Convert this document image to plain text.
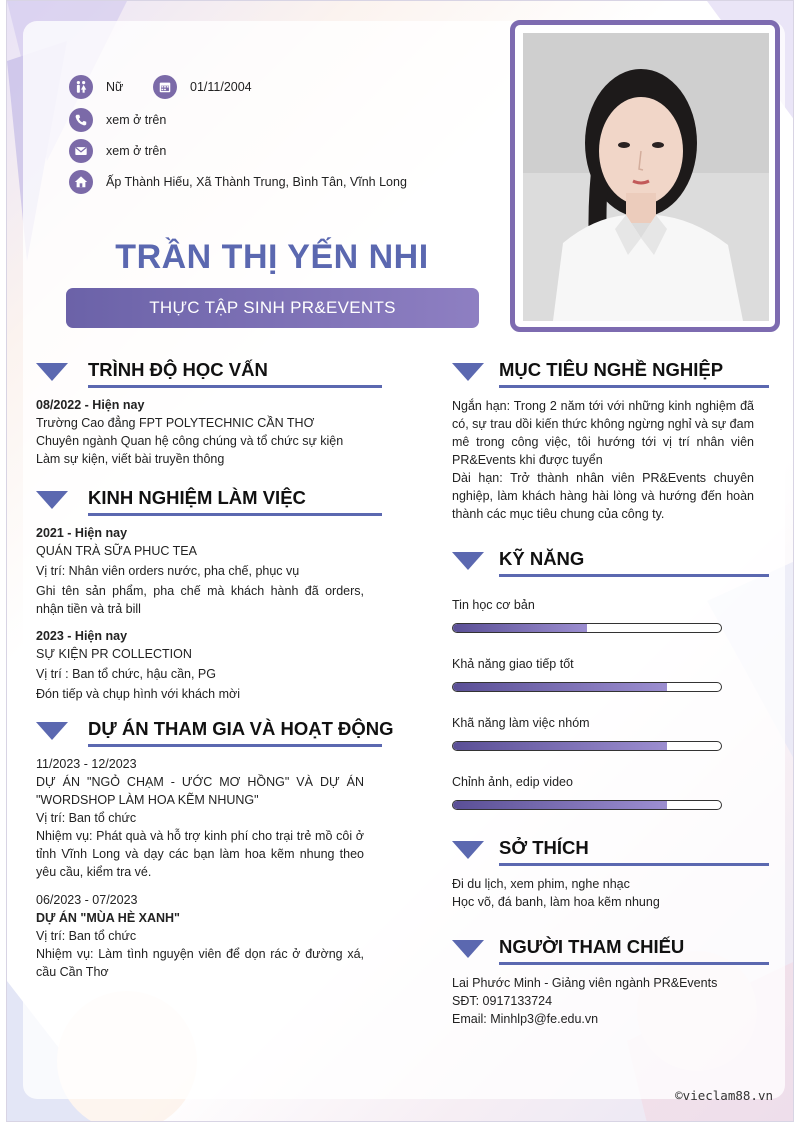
Nữ	01/11/2004
xem ở trên
xem ở trên
Ấp Thành Hiếu, Xã Thành Trung, Bình Tân, Vĩnh Long
TRẦN THỊ YẾN NHI
THỰC TẬP SINH PR&EVENTS
TRÌNH ĐỘ HỌC VẤN

08/2022 - Hiện nay

Trường Cao đẳng FPT POLYTECHNIC CẦN THƠ

Chuyên ngành Quan hệ công chúng và tổ chức sự kiện

Làm sự kiện, viết bài truyền thông

KINH NGHIỆM LÀM VIỆC

2021 - Hiện nay

QUÁN TRÀ SỮA PHUC TEA

Vị trí: Nhân viên orders nước, pha chế, phục vụ

Ghi tên sản phẩm, pha chế mà khách hành đã orders, nhận tiền và trả bill

2023 - Hiện nay

SỰ KIỆN PR COLLECTION

Vị trí : Ban tổ chức, hậu cần, PG

Đón tiếp và chụp hình với khách mời

DỰ ÁN THAM GIA VÀ HOẠT ĐỘNG

11/2023 - 12/2023

DỰ ÁN "NGỎ CHẠM - ƯỚC MƠ HỒNG" VÀ DỰ ÁN "WORDSHOP LÀM HOA KẼM NHUNG"

Vị trí: Ban tổ chức

Nhiệm vụ: Phát quà và hỗ trợ kinh phí cho trại trẻ mồ côi ở tỉnh Vĩnh Long và dạy các bạn làm hoa kẽm nhung theo yêu cầu, kiểm tra vé.

06/2023 - 07/2023

DỰ ÁN "MÙA HÈ XANH"

Vị trí: Ban tổ chức

Nhiệm vụ: Làm tình nguyện viên để dọn rác ở đường xá, cầu Cần Thơ

MỤC TIÊU NGHỀ NGHIỆP

Ngắn hạn: Trong 2 năm tới với những kinh nghiệm đã có, sự trau dồi kiến thức không ngừng nghỉ và sự đam mê trong công việc, tôi hướng tới vị trí nhân viên PR&Events khi được tuyển

Dài hạn: Trở thành nhân viên PR&Events chuyên nghiệp, làm khách hàng hài lòng và hướng đến hoàn thành các mục tiêu chung của công ty.

KỸ NĂNG
Tin học cơ bản
Khả năng giao tiếp tốt
Khã năng làm việc nhóm
Chỉnh ảnh, edip video
SỞ THÍCH

Đi du lịch, xem phim, nghe nhạc

Học võ, đá banh, làm hoa kẽm nhung

NGƯỜI THAM CHIẾU

Lai Phước Minh - Giảng viên ngành PR&Events

SĐT: 0917133724

Email: Minhlp3@fe.edu.vn

©vieclam88.vn
